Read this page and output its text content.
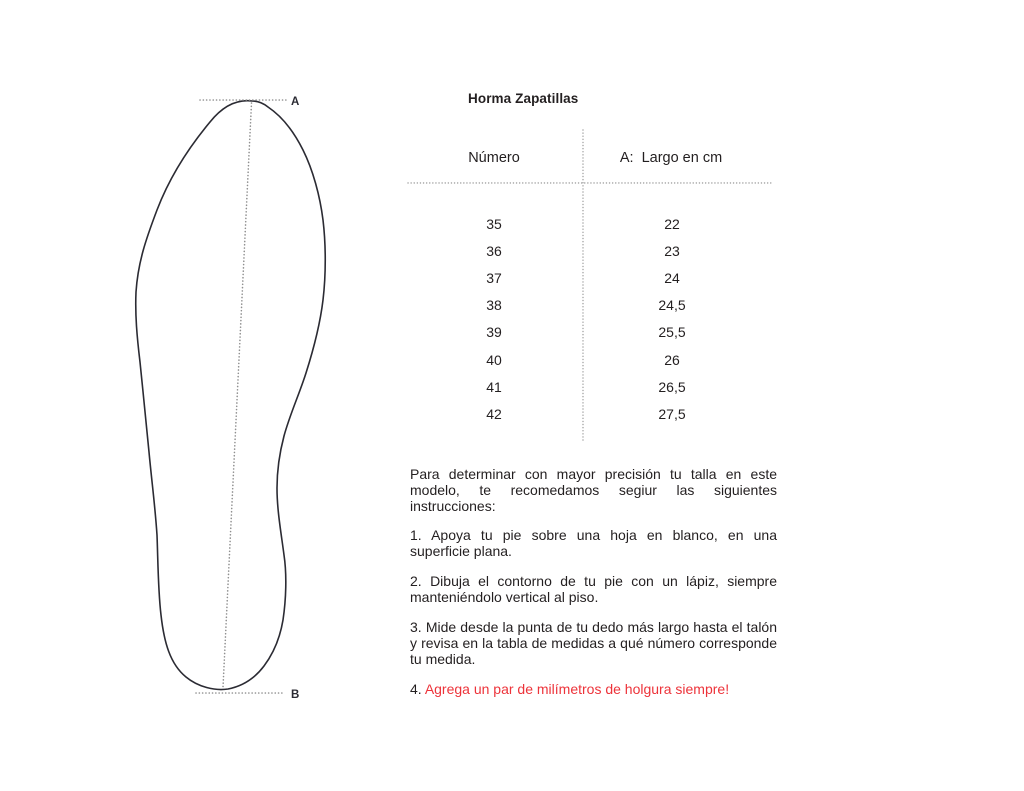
A
B
Horma Zapatillas
Número	A:  Largo en cm
35	22
36	23
37	24
38	24,5
39	25,5
40	26
41	26,5
42	27,5

Para determinar con mayor precisión tu talla en este modelo, te recomedamos segiur las siguientes instrucciones:

1. Apoya tu pie sobre una hoja en blanco, en una superficie plana.

2. Dibuja el contorno de tu pie con un lápiz, siempre manteniéndolo vertical al piso.

3. Mide desde la punta de tu dedo más largo hasta el talón y revisa en la tabla de medidas a qué número corresponde tu medida.

4. Agrega un par de milímetros de holgura siempre!
